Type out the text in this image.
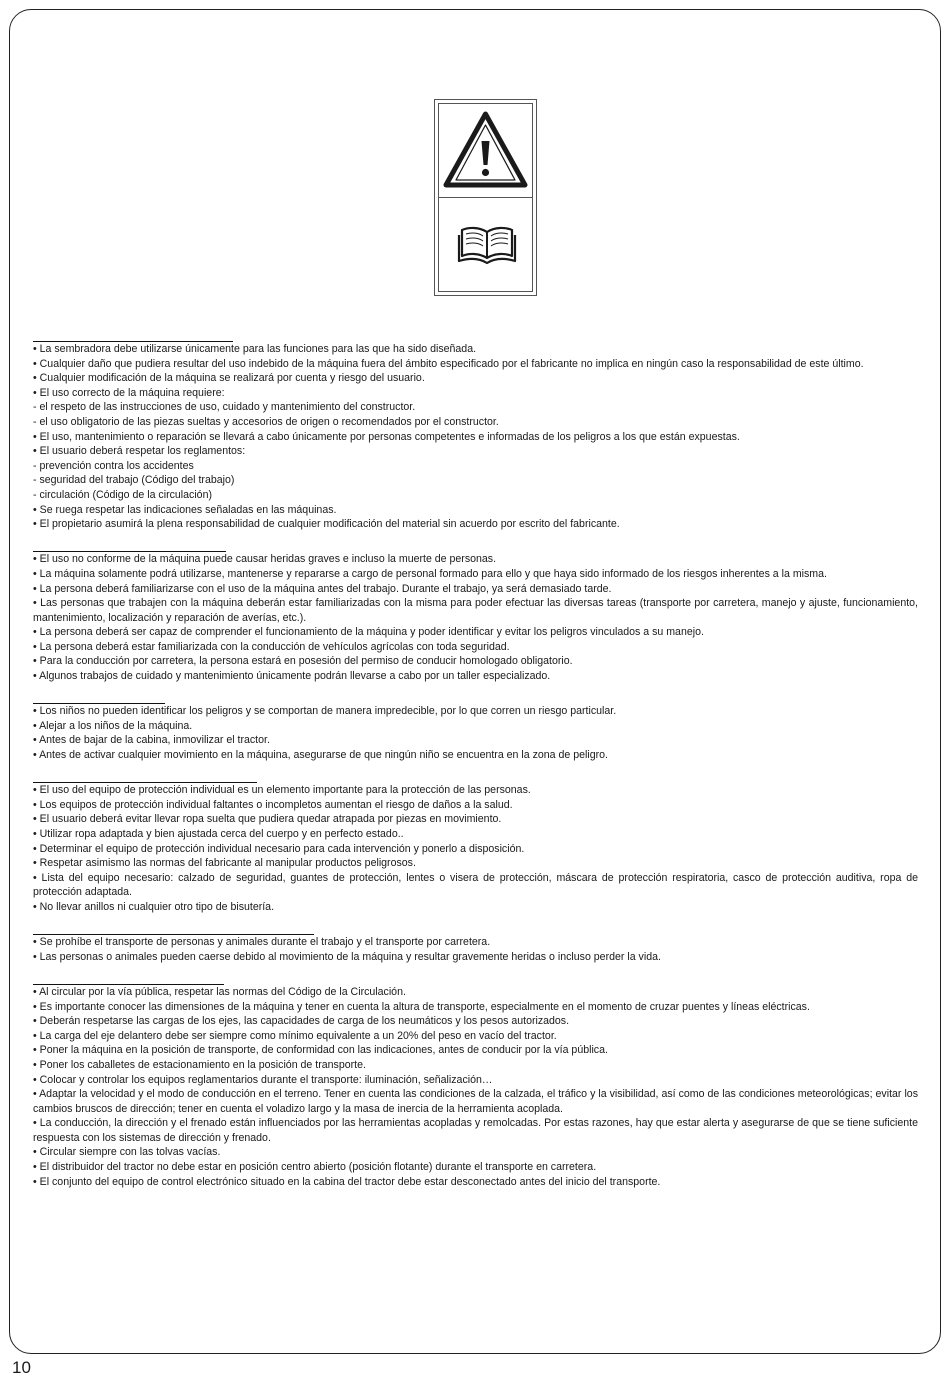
• La sembradora debe utilizarse únicamente para las funciones para las que ha sido diseñada.

• Cualquier daño que pudiera resultar del uso indebido de la máquina fuera del ámbito especificado por el fabricante no implica en ningún caso la responsabilidad de este último.

• Cualquier modificación de la máquina se realizará por cuenta y riesgo del usuario.

• El uso correcto de la máquina requiere:

- el respeto de las instrucciones de uso, cuidado y mantenimiento del constructor.

- el uso obligatorio de las piezas sueltas y accesorios de origen o recomendados por el constructor.

• El uso, mantenimiento o reparación se llevará a cabo únicamente por personas competentes e informadas de los peligros a los que están expuestas.

• El usuario deberá respetar los reglamentos:

- prevención contra los accidentes

- seguridad del trabajo (Código del trabajo)

- circulación (Código de la circulación)

• Se ruega respetar las indicaciones señaladas en las máquinas.

• El propietario asumirá la plena responsabilidad de cualquier modificación del material sin acuerdo por escrito del fabricante.

• El uso no conforme de la máquina puede causar heridas graves e incluso la muerte de personas.

• La máquina solamente podrá utilizarse, mantenerse y repararse a cargo de personal formado para ello y que haya sido informado de los riesgos inherentes a la misma.

• La persona deberá familiarizarse con el uso de la máquina antes del trabajo. Durante el trabajo, ya será demasiado tarde.

• Las personas que trabajen con la máquina deberán estar familiarizadas con la misma para poder efectuar las diversas tareas (transporte por carretera, manejo y ajuste, funcionamiento, mantenimiento, localización y reparación de averías, etc.).

• La persona deberá ser capaz de comprender el funcionamiento de la máquina y poder identificar y evitar los peligros vinculados a su manejo.

• La persona deberá estar familiarizada con la conducción de vehículos agrícolas con toda seguridad.

• Para la conducción por carretera, la persona estará en posesión del permiso de conducir homologado obligatorio.

• Algunos trabajos de cuidado y mantenimiento únicamente podrán llevarse a cabo por un taller especializado.

• Los niños no pueden identificar los peligros y se comportan de manera impredecible, por lo que corren un riesgo particular.

• Alejar a los niños de la máquina.

• Antes de bajar de la cabina, inmovilizar el tractor.

• Antes de activar cualquier movimiento en la máquina, asegurarse de que ningún niño se encuentra en la zona de peligro.

• El uso del equipo de protección individual es un elemento importante para la protección de las personas.

• Los equipos de protección individual faltantes o incompletos aumentan el riesgo de daños a la salud.

• El usuario deberá evitar llevar ropa suelta que pudiera quedar atrapada por piezas en movimiento.

• Utilizar ropa adaptada y bien ajustada cerca del cuerpo y en perfecto estado..

• Determinar el equipo de protección individual necesario para cada intervención y ponerlo a disposición.

• Respetar asimismo las normas del fabricante al manipular productos peligrosos.

• Lista del equipo necesario: calzado de seguridad, guantes de protección, lentes o visera de protección, máscara de protección respiratoria, casco de protección auditiva, ropa de protección adaptada.

• No llevar anillos ni cualquier otro tipo de bisutería.

• Se prohíbe el transporte de personas y animales durante el trabajo y el transporte por carretera.

• Las personas o animales pueden caerse debido al movimiento de la máquina y resultar gravemente heridas o incluso perder la vida.

• Al circular por la vía pública, respetar las normas del Código de la Circulación.

• Es importante conocer las dimensiones de la máquina y tener en cuenta la altura de transporte, especialmente en el momento de cruzar puentes y líneas eléctricas.

• Deberán respetarse las cargas de los ejes, las capacidades de carga de los neumáticos y los pesos autorizados.

• La carga del eje delantero debe ser siempre como mínimo equivalente a un 20% del peso en vacío del tractor.

• Poner la máquina en la posición de transporte, de conformidad con las indicaciones, antes de conducir por la vía pública.

• Poner los caballetes de estacionamiento en la posición de transporte.

• Colocar y controlar los equipos reglamentarios durante el transporte: iluminación, señalización…

• Adaptar la velocidad y el modo de conducción en el terreno. Tener en cuenta las condiciones de la calzada, el tráfico y la visibilidad, así como de las condiciones meteorológicas; evitar los cambios bruscos de dirección; tener en cuenta el voladizo largo y la masa de inercia de la herramienta acoplada.

• La conducción, la dirección y el frenado están influenciados por las herramientas acopladas y remolcadas. Por estas razones, hay que estar alerta y asegurarse de que se tiene suficiente respuesta con los sistemas de dirección y frenado.

• Circular siempre con las tolvas vacías.

• El distribuidor del tractor no debe estar en posición centro abierto (posición flotante) durante el transporte en carretera.

• El conjunto del equipo de control electrónico situado en la cabina del tractor debe estar desconectado antes del inicio del transporte.

10
